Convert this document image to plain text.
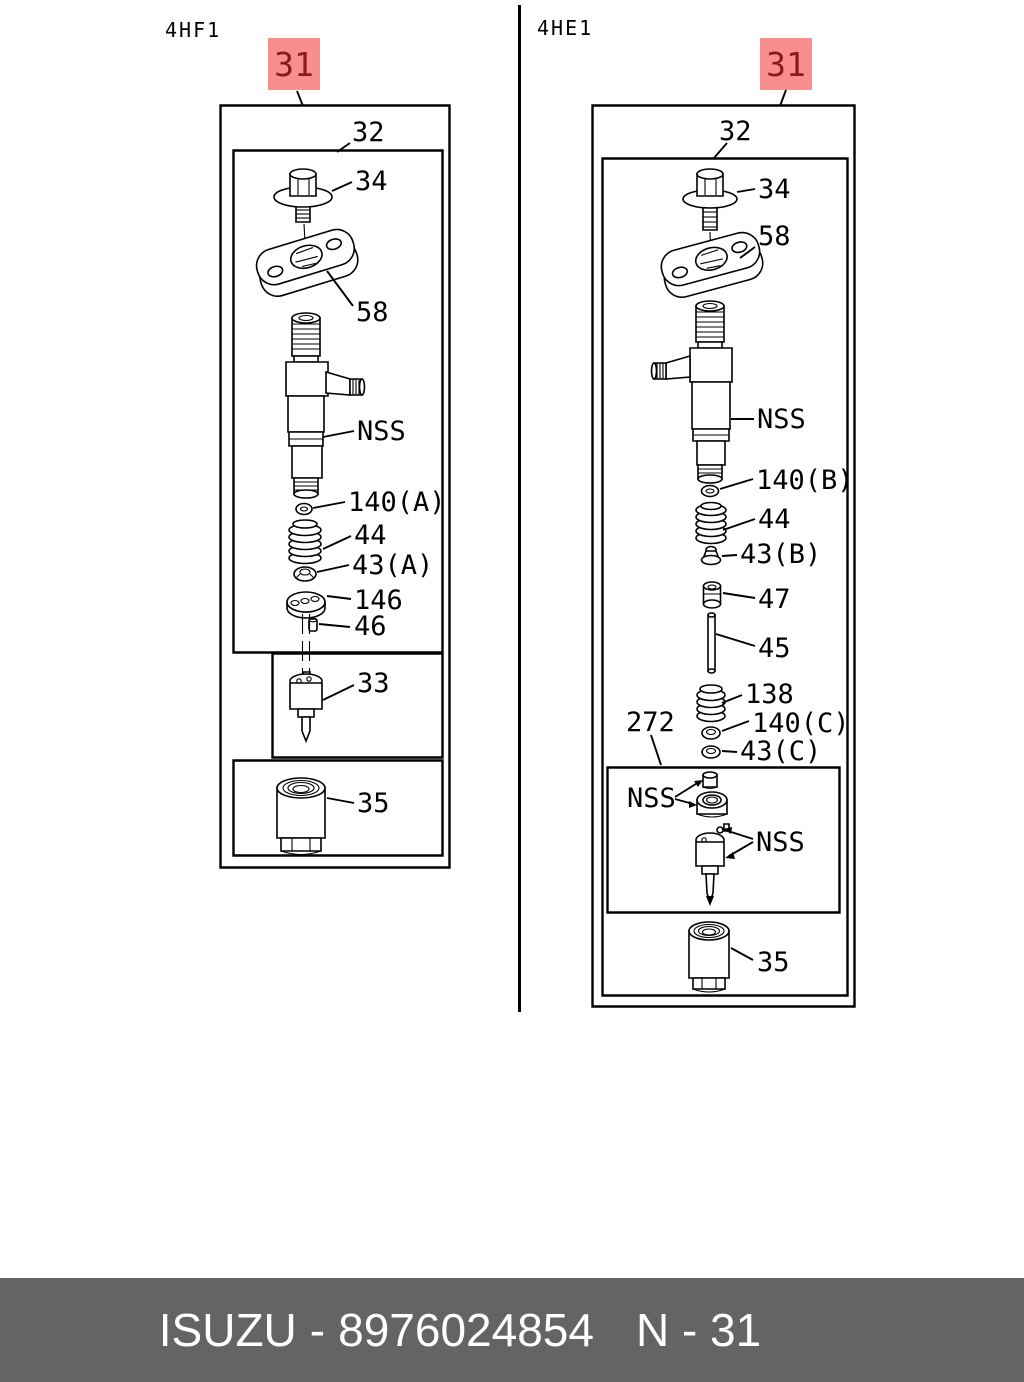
4HF1
31
32
34
58
NSS
140(A)
44
43(A)
146
46
33
35
4HE1
31
32
34
58
NSS
140(B)
44
43(B)
47
45
138
140(C)
43(C)
272
NSS
NSS
35
ISUZU - 8976024854 N - 31
